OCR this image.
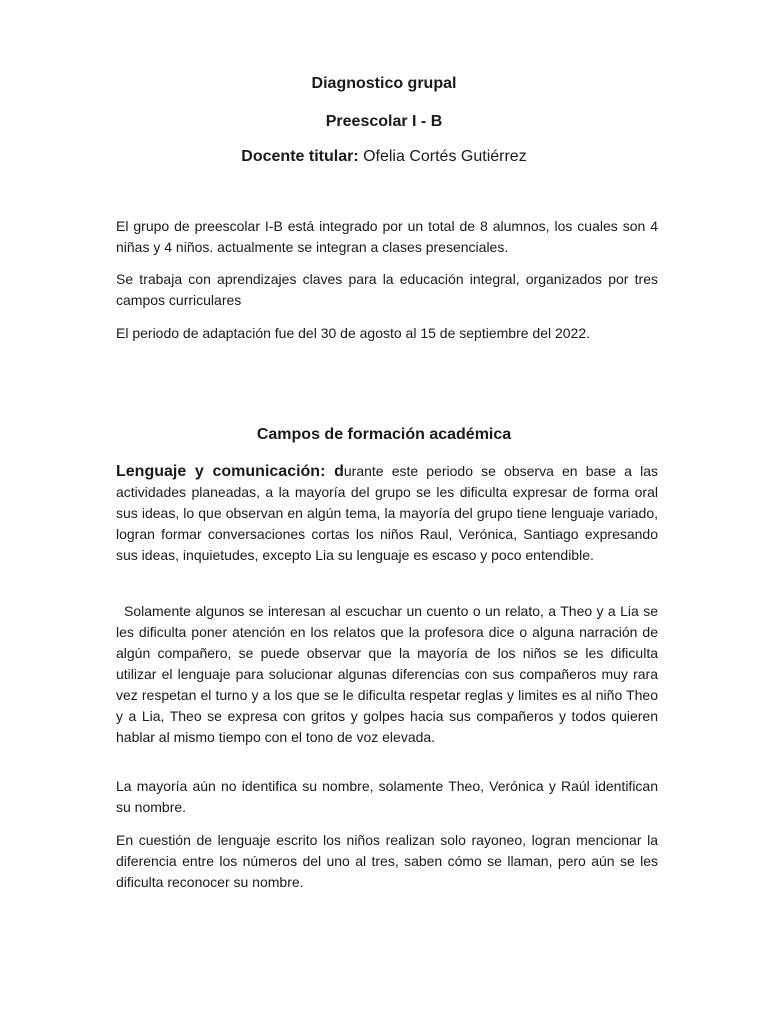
Diagnostico grupal
Preescolar I - B
Docente titular: Ofelia Cortés Gutiérrez

El grupo de preescolar I-B está integrado por un total de 8 alumnos, los cuales son 4 niñas y 4 niños. actualmente se integran a clases presenciales.

Se trabaja con aprendizajes claves para la educación integral, organizados por tres campos curriculares

El periodo de adaptación fue del 30 de agosto al 15 de septiembre del 2022.

Campos de formación académica

Lenguaje y comunicación: durante este periodo se observa en base a las actividades planeadas, a la mayoría del grupo se les dificulta expresar de forma oral sus ideas, lo que observan en algún tema, la mayoría del grupo tiene lenguaje variado, logran formar conversaciones cortas los niños Raul, Verónica, Santiago expresando sus ideas, inquietudes, excepto Lia su lenguaje es escaso y poco entendible.

Solamente algunos se interesan al escuchar un cuento o un relato, a Theo y a Lia se les dificulta poner atención en los relatos que la profesora dice o alguna narración de algún compañero, se puede observar que la mayoría de los niños se les dificulta utilizar el lenguaje para solucionar algunas diferencias con sus compañeros muy rara vez respetan el turno y a los que se le dificulta respetar reglas y limites es al niño Theo y a Lia, Theo se expresa con gritos y golpes hacia sus compañeros y todos quieren hablar al mismo tiempo con el tono de voz elevada.

La mayoría aún no identifica su nombre, solamente Theo, Verónica y Raúl identifican su nombre.

En cuestión de lenguaje escrito los niños realizan solo rayoneo, logran mencionar la diferencia entre los números del uno al tres, saben cómo se llaman, pero aún se les dificulta reconocer su nombre.
